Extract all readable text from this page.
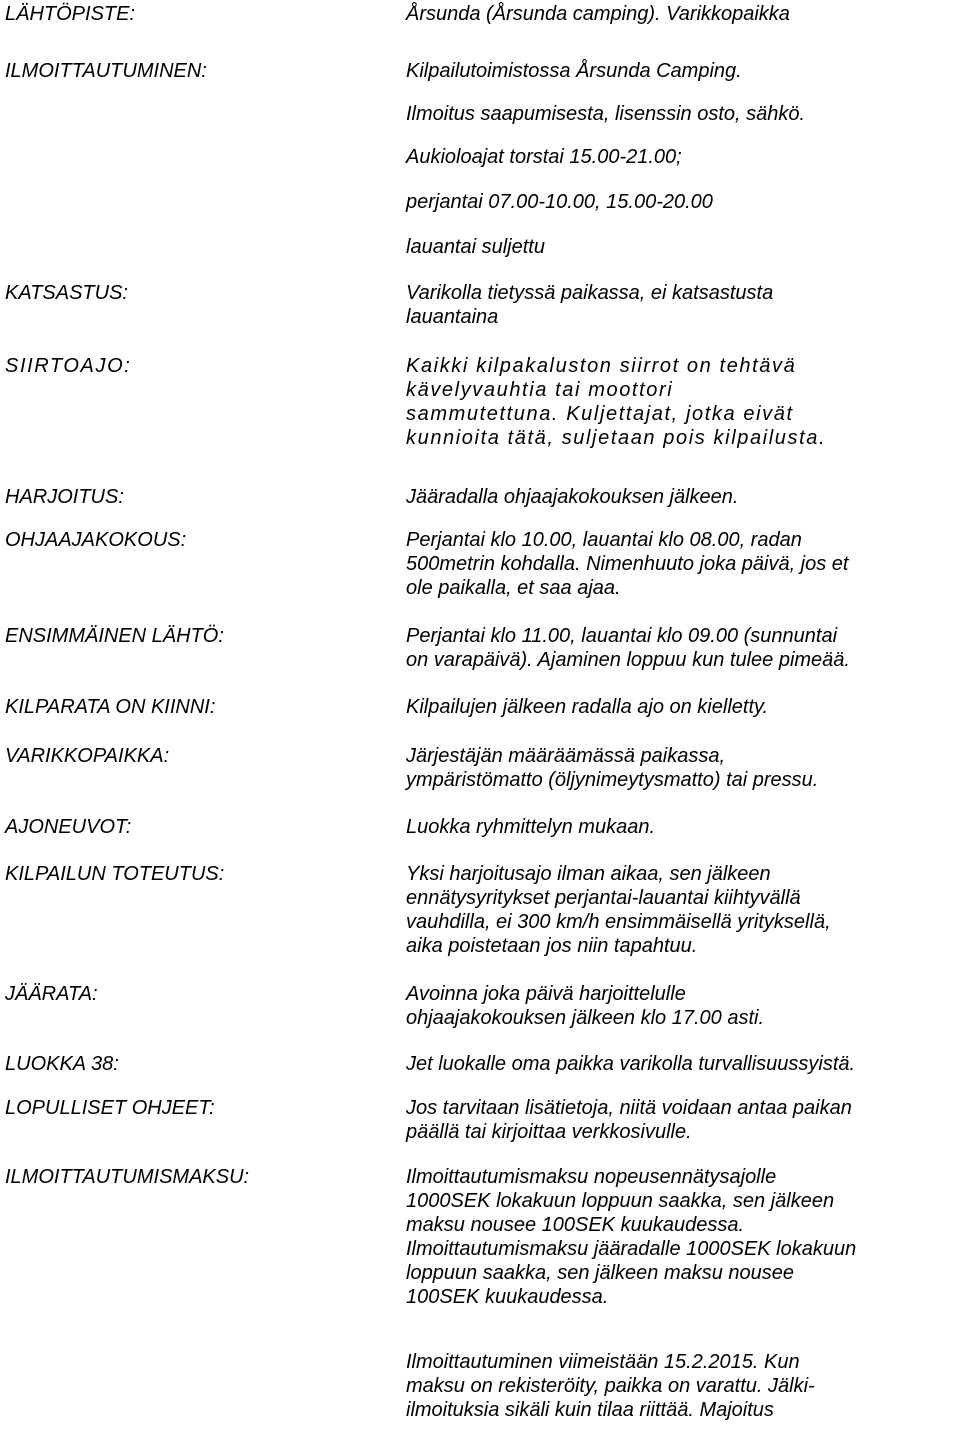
LÄHTÖPISTE:

ILMOITTAUTUMINEN:

KATSASTUS:

SIIRTOAJO:

HARJOITUS:

OHJAAJAKOKOUS:

ENSIMMÄINEN LÄHTÖ:

KILPARATA ON KIINNI:

VARIKKOPAIKKA:

AJONEUVOT:

KILPAILUN TOTEUTUS:

JÄÄRATA:

LUOKKA 38:

LOPULLISET OHJEET:

ILMOITTAUTUMISMAKSU:

Årsunda (Årsunda camping). Varikkopaikka
Kilpailutoimistossa Årsunda Camping.
Ilmoitus saapumisesta, lisenssin osto, sähkö.
Aukioloajat torstai 15.00-21.00;
perjantai 07.00-10.00, 15.00-20.00
lauantai suljettu
Varikolla tietyssä paikassa, ei katsastusta
lauantaina
Kaikki kilpakaluston siirrot on tehtävä
kävelyvauhtia tai moottori
sammutettuna. Kuljettajat, jotka eivät
kunnioita tätä, suljetaan pois kilpailusta.
Jääradalla ohjaajakokouksen jälkeen.
Perjantai klo 10.00, lauantai klo 08.00, radan
500metrin kohdalla. Nimenhuuto joka päivä, jos et
ole paikalla, et saa ajaa.
Perjantai klo 11.00, lauantai klo 09.00 (sunnuntai
on varapäivä). Ajaminen loppuu kun tulee pimeää.
Kilpailujen jälkeen radalla ajo on kielletty.
Järjestäjän määräämässä paikassa,
ympäristömatto (öljynimeytysmatto) tai pressu.
Luokka ryhmittelyn mukaan.
Yksi harjoitusajo ilman aikaa, sen jälkeen
ennätysyritykset perjantai-lauantai kiihtyvällä
vauhdilla, ei 300 km/h ensimmäisellä yrityksellä,
aika poistetaan jos niin tapahtuu.
Avoinna joka päivä harjoittelulle
ohjaajakokouksen jälkeen klo 17.00 asti.
Jet luokalle oma paikka varikolla turvallisuussyistä.
Jos tarvitaan lisätietoja, niitä voidaan antaa paikan
päällä tai kirjoittaa verkkosivulle.
Ilmoittautumismaksu nopeusennätysajolle
1000SEK lokakuun loppuun saakka, sen jälkeen
maksu nousee 100SEK kuukaudessa.
Ilmoittautumismaksu jääradalle 1000SEK lokakuun
loppuun saakka, sen jälkeen maksu nousee
100SEK kuukaudessa.
Ilmoittautuminen viimeistään 15.2.2015. Kun
maksu on rekisteröity, paikka on varattu. Jälki-
ilmoituksia sikäli kuin tilaa riittää. Majoitus
